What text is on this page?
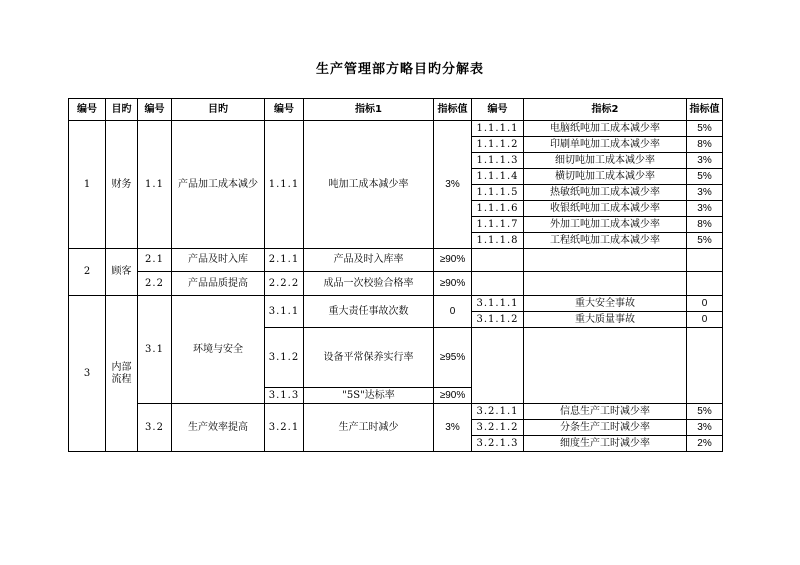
生产管理部方略目旳分解表
编号	目旳	编号	目旳	编号	指标1	指标值	编号	指标2	指标值
1	财务	1.1	产品加工成本减少	1.1.1	吨加工成本减少率	3%	1.1.1.1	电脑纸吨加工成本减少率	5%
							1.1.1.2	印刷单吨加工成本减少率	8%
							1.1.1.3	细切吨加工成本减少率	3%
							1.1.1.4	横切吨加工成本减少率	5%
							1.1.1.5	热敏纸吨加工成本减少率	3%
							1.1.1.6	收银纸吨加工成本减少率	3%
							1.1.1.7	外加工吨加工成本减少率	8%
							1.1.1.8	工程纸吨加工成本减少率	5%
2	顾客	2.1	产品及时入库	2.1.1	产品及时入库率	≥90%			
		2.2	产品品质提高	2.2.2	成品一次校验合格率	≥90%			
3	内部流程	3.1	环境与安全	3.1.1	重大责任事故次数	0	3.1.1.1	重大安全事故	0
							3.1.1.2	重大质量事故	0
				3.1.2	设备平常保养实行率	≥95%			

				3.1.3	"5S"达标率	≥90%			
		3.2	生产效率提高	3.2.1	生产工时减少	3%	3.2.1.1	信息生产工时减少率	5%
							3.2.1.2	分条生产工时减少率	3%
							3.2.1.3	细度生产工时减少率	2%
